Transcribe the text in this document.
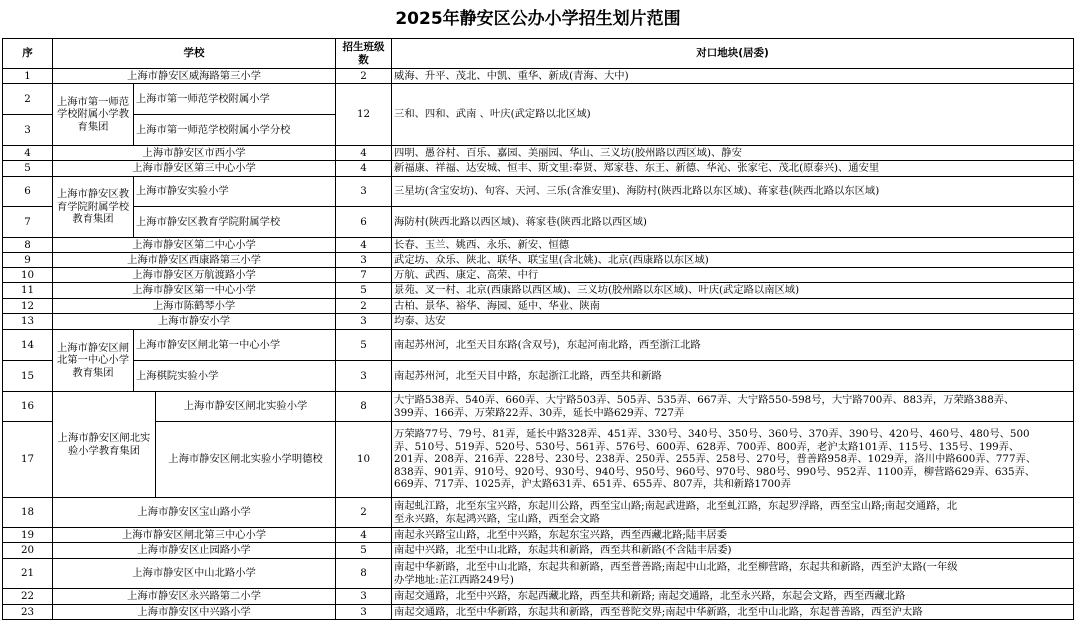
2025年静安区公办小学招生划片范围
序	学校			招生班级数	对口地块(居委)
1	上海市静安区威海路第三小学			2	威海、升平、茂北、中凯、重华、新成(青海、大中)
2	上海市第一师范学校附属小学教育集团	上海市第一师范学校附属小学		12	三和、四和、武南 、叶庆(武定路以北区域)
3		上海市第一师范学校附属小学分校			
4	上海市静安区市西小学			4	四明、愚谷村、百乐、嘉园、美丽园、华山、三义坊(胶州路以西区域)、静安
5	上海市静安区第三中心小学			4	新福康、祥福、达安城、恒丰、斯文里:奉贤、郑家巷、东王、新德、华沁、张家宅、茂北(原泰兴)、通安里
6	上海市静安区教育学院附属学校教育集团	上海市静安实验小学		3	三星坊(含宝安坊)、旬容、天河、三乐(含淮安里)、海防村(陕西北路以东区域)、蒋家巷(陕西北路以东区域)
7		上海市静安区教育学院附属学校		6	海防村(陕西北路以西区域)、蒋家巷(陕西北路以西区域)
8	上海市静安区第二中心小学			4	长春、玉兰、姚西、永乐、新安、恒德
9	上海市静安区西康路第三小学			3	武定坊、众乐、陕北、联华、联宝里(含北姚)、北京(西康路以东区域)
10	上海市静安区万航渡路小学			7	万航、武西、康定、高荣、中行
11	上海市静安区第一中心小学			5	景苑、叉一村、北京(西康路以西区域)、三义坊(胶州路以东区域)、叶庆(武定路以南区域)
12	上海市陈鹤琴小学			2	古柏、景华、裕华、海园、延中、华业、陕南
13	上海市静安小学			3	均泰、达安
14	上海市静安区闸北第一中心小学教育集团	上海市静安区闸北第一中心小学		5	南起苏州河，北至天目东路(含双号)，东起河南北路，西至浙江北路
15		上海棋院实验小学		3	南起苏州河，北至天目中路，东起浙江北路，西至共和新路
16	上海市静安区闸北实验小学教育集团		上海市静安区闸北实验小学	8	大宁路538弄、540弄、660弄、大宁路503弄、505弄、535弄、667弄、大宁路550-598号，大宁路700弄、883弄，万荣路388弄、
399弄、166弄、万荣路22弄、30弄，延长中路629弄、727弄

17			上海市静安区闸北实验小学明德校	10	万荣路77号、79号、81弄，延长中路328弄、451弄、330号、340号、350号、360号、370弄、390号、420号、460号、480号、500
弄、510号、519弄、520号、530号、561弄、576号、600弄、628弄、700弄、800弄，老沪太路101弄、115号、135号、199弄、
201弄、208弄、216弄、228号、230号、238弄、250弄、255弄、258号、270号，普善路958弄、1029弄，洛川中路600弄、777弄、
838弄、901弄、910号、920号、930号、940号、950号、960号、970号、980号、990号、952弄、1100弄，柳营路629弄、635弄、
669弄、717弄、1025弄，沪太路631弄、651弄、655弄、807弄，共和新路1700弄

18	上海市静安区宝山路小学			2	南起虬江路，北至东宝兴路，东起川公路，西至宝山路;南起武进路，北至虬江路，东起罗浮路，西至宝山路;南起交通路，北
至永兴路，东起鸿兴路，宝山路，西至会文路

19	上海市静安区闸北第三中心小学			4	南起永兴路宝山路，北至中兴路，东起东宝兴路，西至西藏北路;陆丰居委
20	上海市静安区止园路小学			5	南起中兴路，北至中山北路，东起共和新路，西至共和新路(不含陆丰居委)
21	上海市静安区中山北路小学			8	南起中华新路，北至中山北路，东起共和新路，西至普善路;南起中山北路，北至柳营路，东起共和新路，西至沪太路(一年级
办学地址:芷江西路249号)

22	上海市静安区永兴路第二小学			3	南起交通路，北至中兴路，东起西藏北路，西至共和新路; 南起交通路，北至永兴路，东起会文路，西至西藏北路
23	上海市静安区中兴路小学			3	南起交通路，北至中华新路，东起共和新路，西至普陀交界;南起中华新路，北至中山北路，东起普善路，西至沪太路
